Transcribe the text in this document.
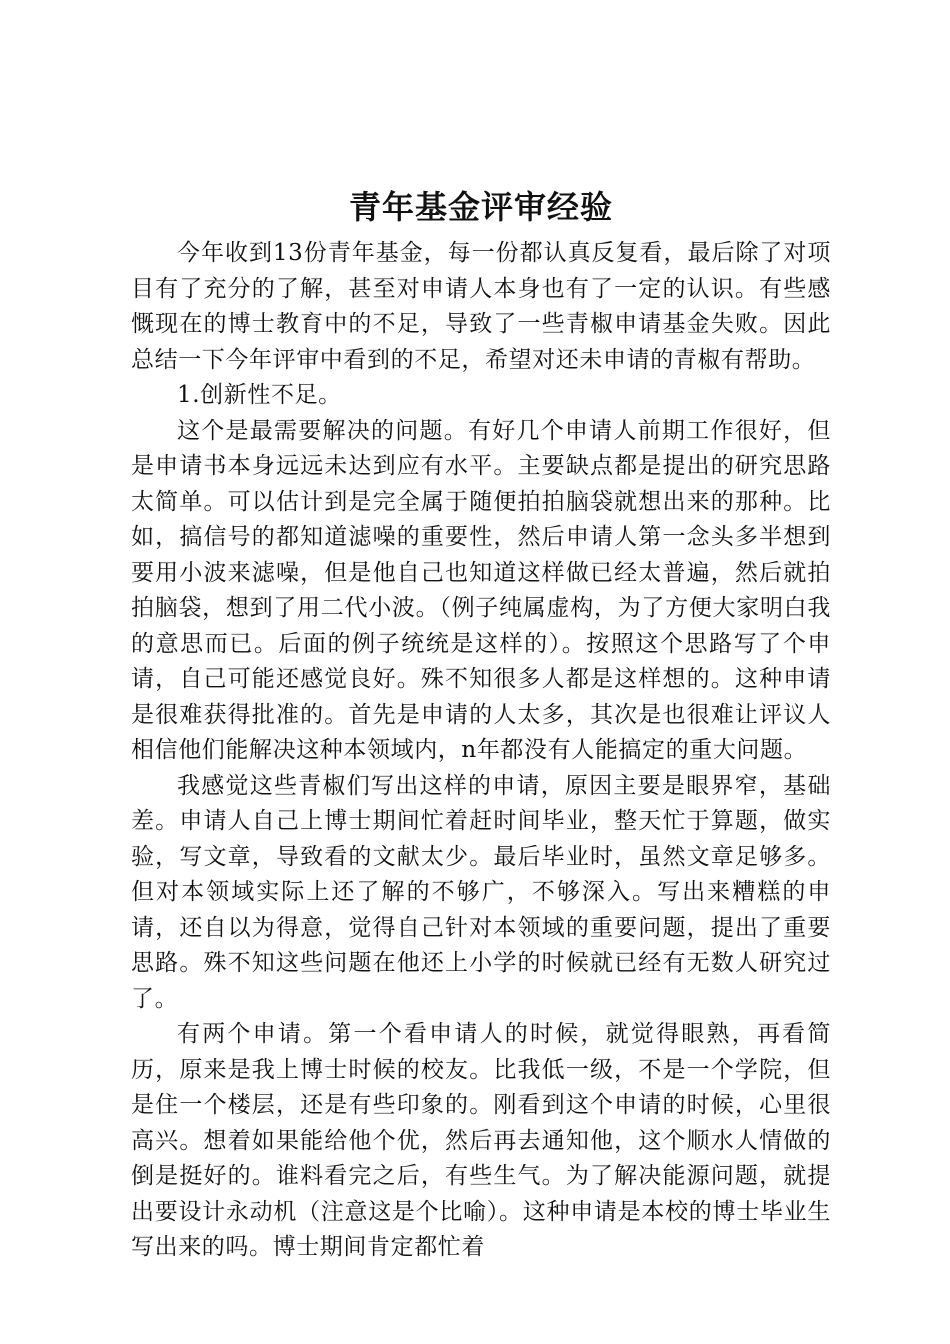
青年基金评审经验

今年收到13份青年基金，每一份都认真反复看，最后除了对项目有了充分的了解，甚至对申请人本身也有了一定的认识。有些感慨现在的博士教育中的不足，导致了一些青椒申请基金失败。因此总结一下今年评审中看到的不足，希望对还未申请的青椒有帮助。

1.创新性不足。

这个是最需要解决的问题。有好几个申请人前期工作很好，但是申请书本身远远未达到应有水平。主要缺点都是提出的研究思路太简单。可以估计到是完全属于随便拍拍脑袋就想出来的那种。比如，搞信号的都知道滤噪的重要性，然后申请人第一念头多半想到要用小波来滤噪，但是他自己也知道这样做已经太普遍，然后就拍拍脑袋，想到了用二代小波。（例子纯属虚构，为了方便大家明白我的意思而已。后面的例子统统是这样的）。按照这个思路写了个申请，自己可能还感觉良好。殊不知很多人都是这样想的。这种申请是很难获得批准的。首先是申请的人太多，其次是也很难让评议人相信他们能解决这种本领域内，n年都没有人能搞定的重大问题。

我感觉这些青椒们写出这样的申请，原因主要是眼界窄，基础差。申请人自己上博士期间忙着赶时间毕业，整天忙于算题，做实验，写文章，导致看的文献太少。最后毕业时，虽然文章足够多。但对本领域实际上还了解的不够广，不够深入。写出来糟糕的申请，还自以为得意，觉得自己针对本领域的重要问题，提出了重要思路。殊不知这些问题在他还上小学的时候就已经有无数人研究过了。

有两个申请。第一个看申请人的时候，就觉得眼熟，再看简历，原来是我上博士时候的校友。比我低一级，不是一个学院，但是住一个楼层，还是有些印象的。刚看到这个申请的时候，心里很高兴。想着如果能给他个优，然后再去通知他，这个顺水人情做的倒是挺好的。谁料看完之后，有些生气。为了解决能源问题，就提出要设计永动机（注意这是个比喻）。这种申请是本校的博士毕业生写出来的吗。博士期间肯定都忙着
